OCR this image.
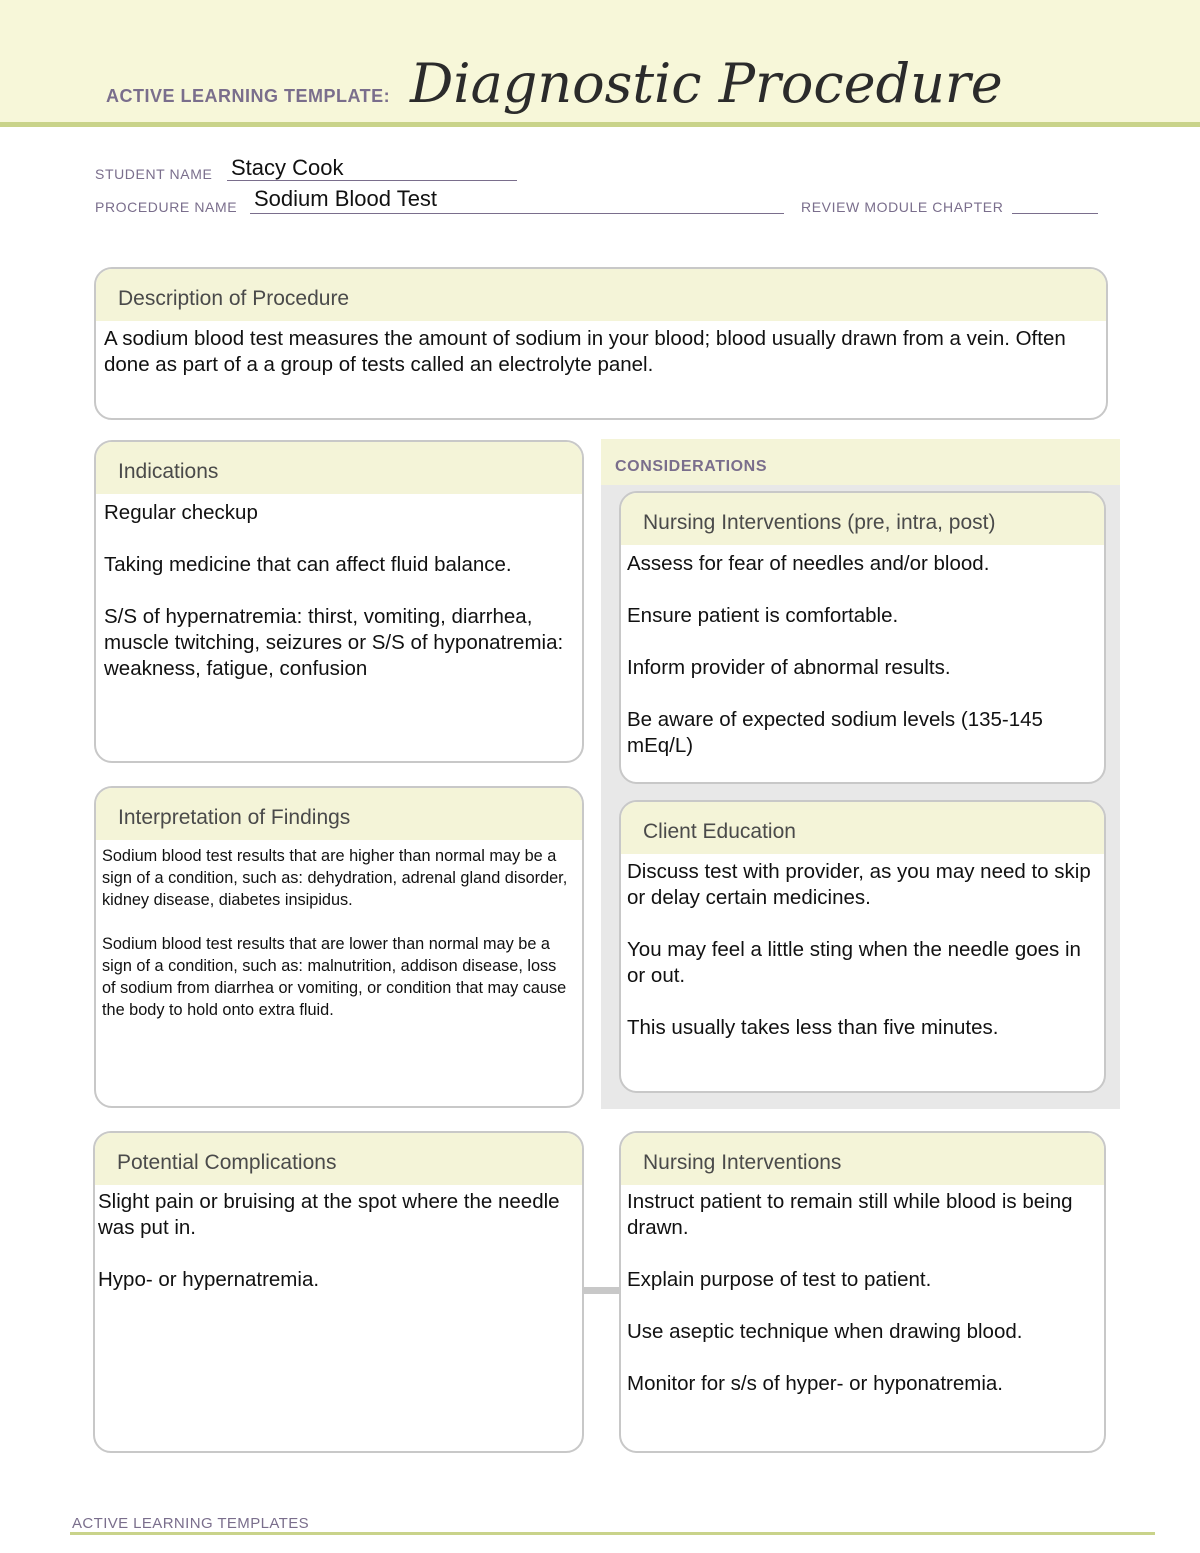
ACTIVE LEARNING TEMPLATE: Diagnostic Procedure
STUDENT NAME Stacy Cook
PROCEDURE NAME Sodium Blood Test	REVIEW MODULE CHAPTER
Description of Procedure
A sodium blood test measures the amount of sodium in your blood; blood usually drawn from a vein. Often done as part of a a group of tests called an electrolyte panel.
Indications

Regular checkup

Taking medicine that can affect fluid balance.

S/S of hypernatremia: thirst, vomiting, diarrhea, muscle twitching, seizures or S/S of hyponatremia: weakness, fatigue, confusion

Interpretation of Findings

Sodium blood test results that are higher than normal may be a sign of a condition, such as: dehydration, adrenal gland disorder, kidney disease, diabetes insipidus.

Sodium blood test results that are lower than normal may be a sign of a condition, such as: malnutrition, addison disease, loss of sodium from diarrhea or vomiting, or condition that may cause the body to hold onto extra fluid.

CONSIDERATIONS
Nursing Interventions (pre, intra, post)

Assess for fear of needles and/or blood.

Ensure patient is comfortable.

Inform provider of abnormal results.

Be aware of expected sodium levels (135-145 mEq/L)

Client Education

Discuss test with provider, as you may need to skip or delay certain medicines.

You may feel a little sting when the needle goes in or out.

This usually takes less than five minutes.

Potential Complications

Slight pain or bruising at the spot where the needle was put in.

Hypo- or hypernatremia.

Nursing Interventions

Instruct patient to remain still while blood is being drawn.

Explain purpose of test to patient.

Use aseptic technique when drawing blood.

Monitor for s/s of hyper- or hyponatremia.

ACTIVE LEARNING TEMPLATES
